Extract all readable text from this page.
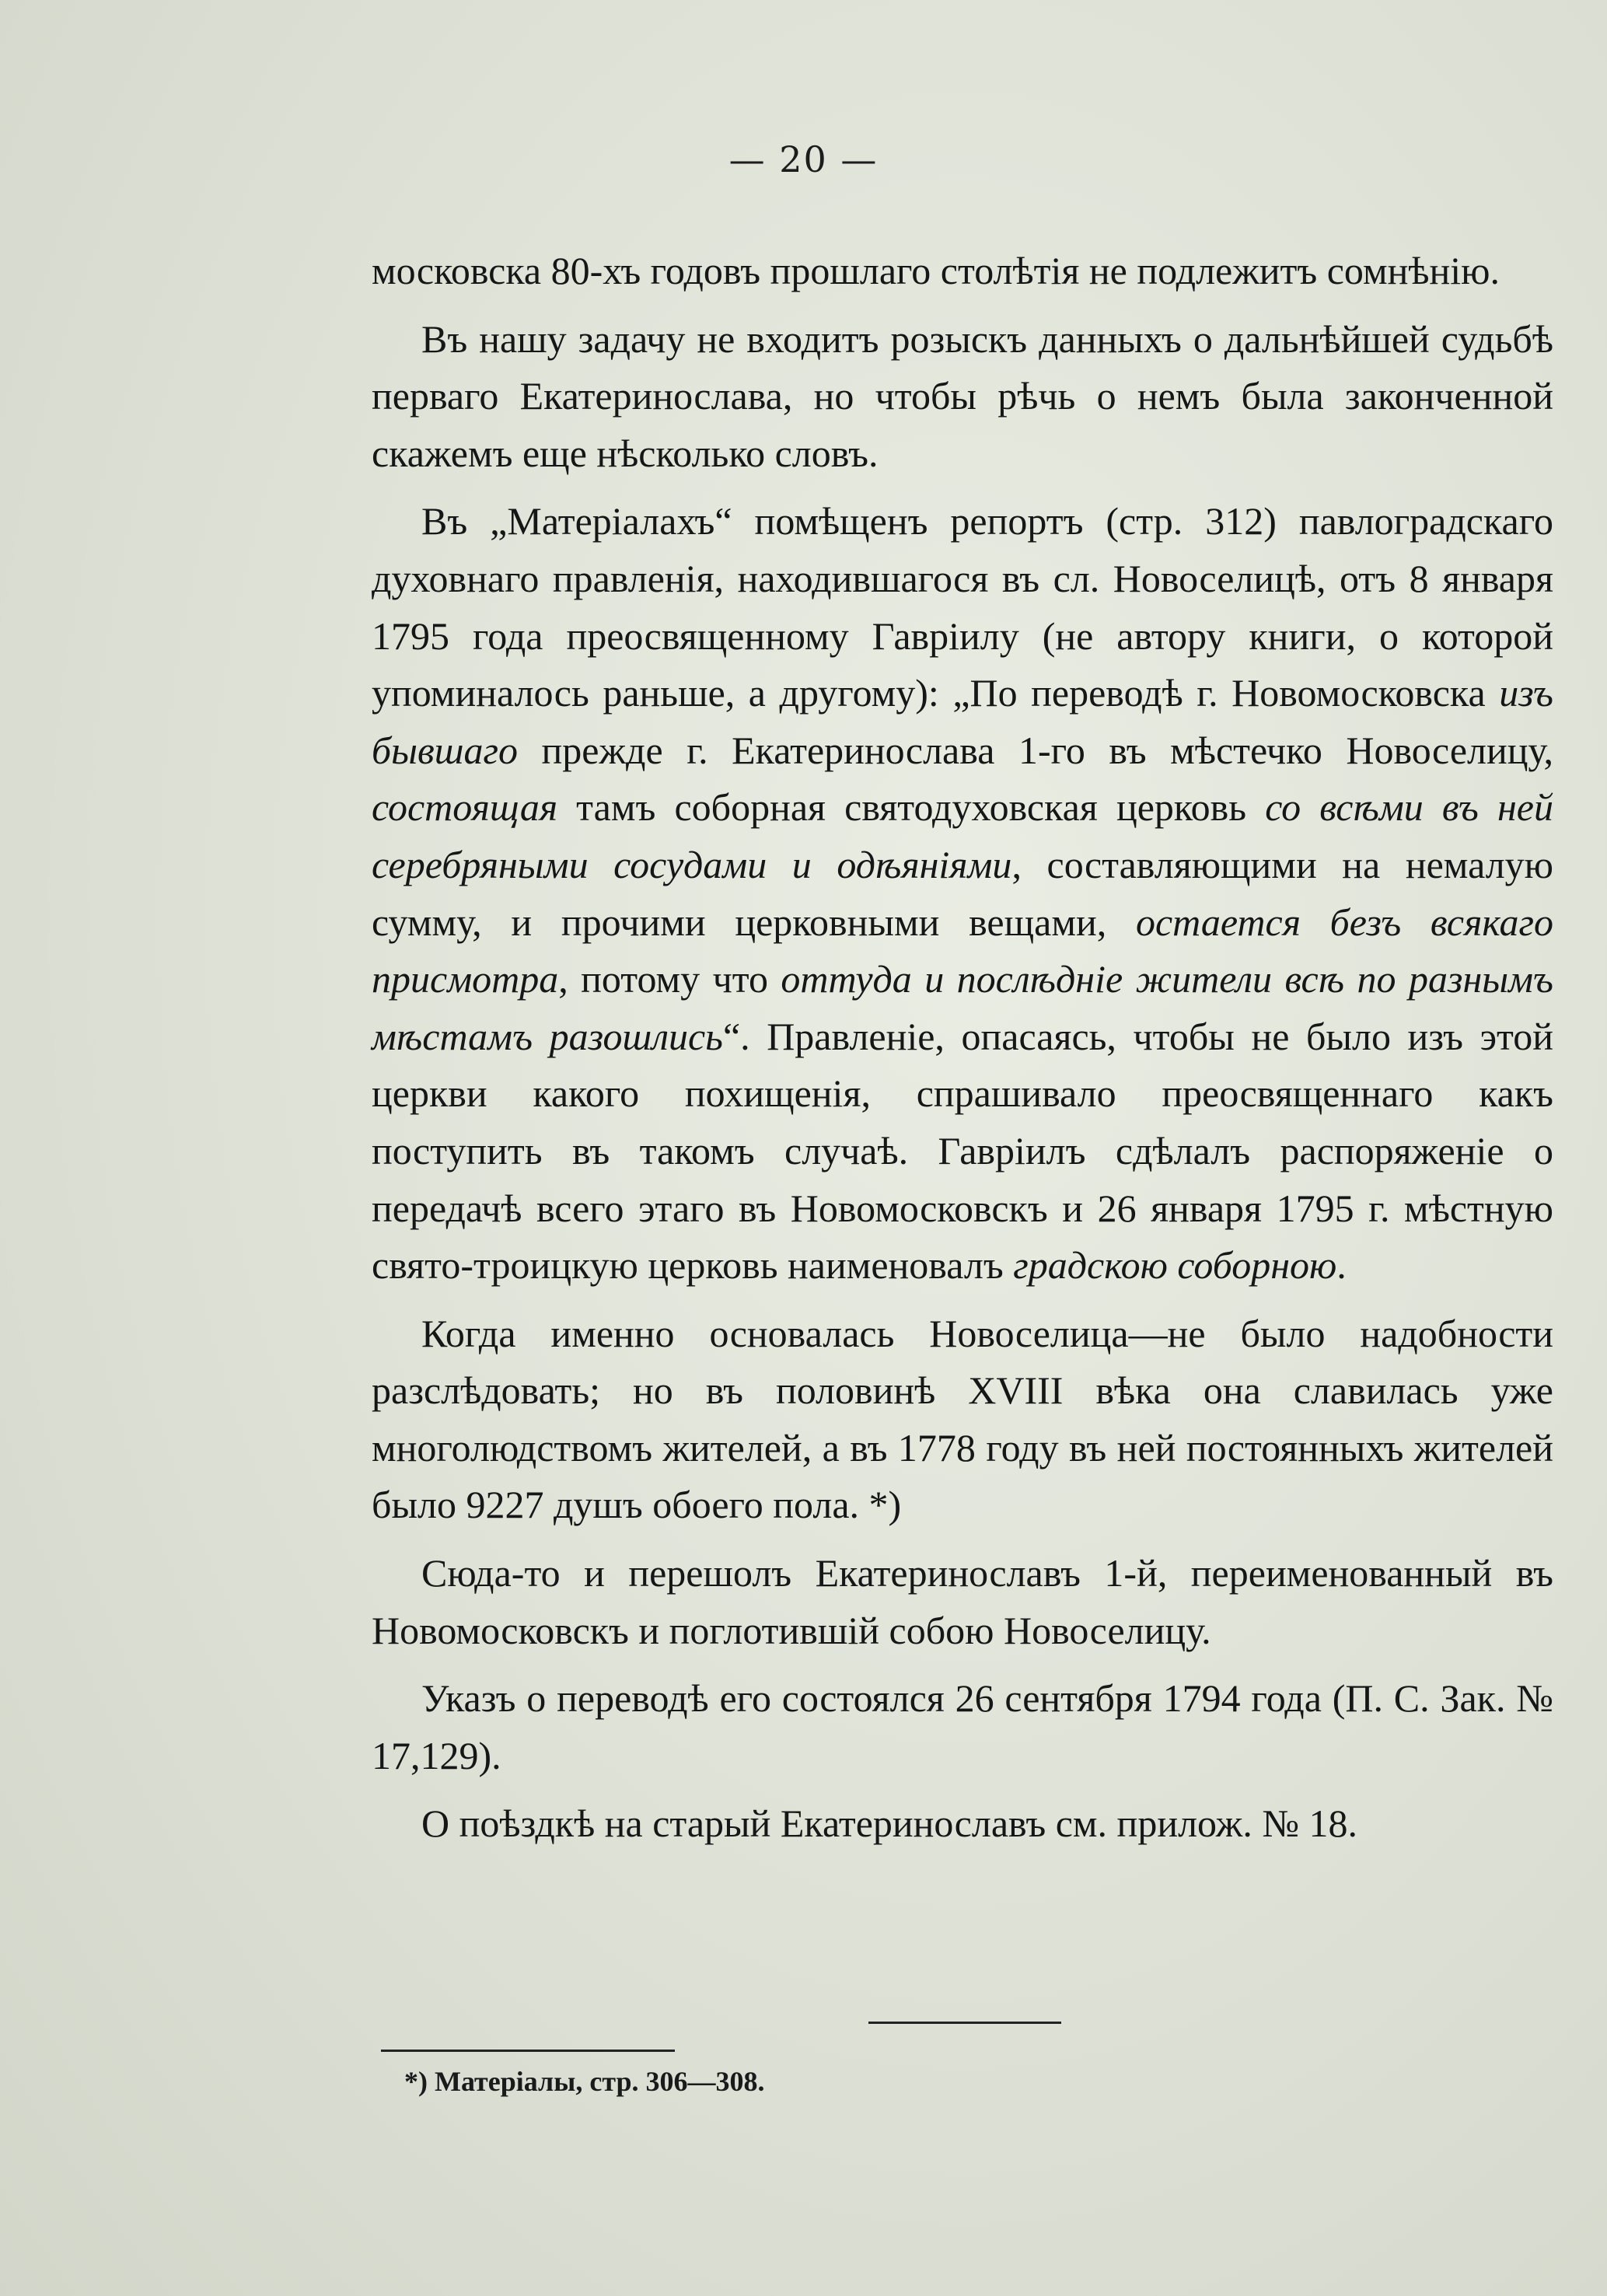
— 20 —

московска 80-хъ годовъ прошлаго столѣтія не подлежитъ сомнѣнію.

Въ нашу задачу не входитъ розыскъ данныхъ о дальнѣйшей судьбѣ перваго Екатеринослава, но чтобы рѣчь о немъ была законченной скажемъ еще нѣсколько словъ.

Въ „Матеріалахъ“ помѣщенъ репортъ (стр. 312) павлоградскаго духовнаго правленія, находившагося въ сл. Новоселицѣ, отъ 8 января 1795 года преосвященному Гавріилу (не автору книги, о которой упоминалось раньше, а другому): „По переводѣ г. Новомосковска изъ бывшаго прежде г. Екатеринослава 1-го въ мѣстечко Новоселицу, состоящая тамъ соборная святодуховская церковь со всѣми въ ней серебряными сосудами и одѣяніями, составляющими на немалую сумму, и прочими церковными вещами, остается безъ всякаго присмотра, потому что оттуда и послѣдніе жители всѣ по разнымъ мѣстамъ разошлись“. Правленіе, опасаясь, чтобы не было изъ этой церкви какого похищенія, спрашивало преосвященнаго какъ поступить въ такомъ случаѣ. Гавріилъ сдѣлалъ распоряженіе о передачѣ всего этаго въ Новомосковскъ и 26 января 1795 г. мѣстную свято-троицкую церковь наименовалъ градскою соборною.

Когда именно основалась Новоселица—не было надобности разслѣдовать; но въ половинѣ XVIII вѣка она славилась уже многолюдствомъ жителей, а въ 1778 году въ ней постоянныхъ жителей было 9227 душъ обоего пола. *)

Сюда-то и перешолъ Екатеринославъ 1-й, переименованный въ Новомосковскъ и поглотившій собою Новоселицу.

Указъ о переводѣ его состоялся 26 сентября 1794 года (П. С. Зак. № 17,129).

О поѣздкѣ на старый Екатеринославъ см. прилож. № 18.

*) Матеріалы, стр. 306—308.
